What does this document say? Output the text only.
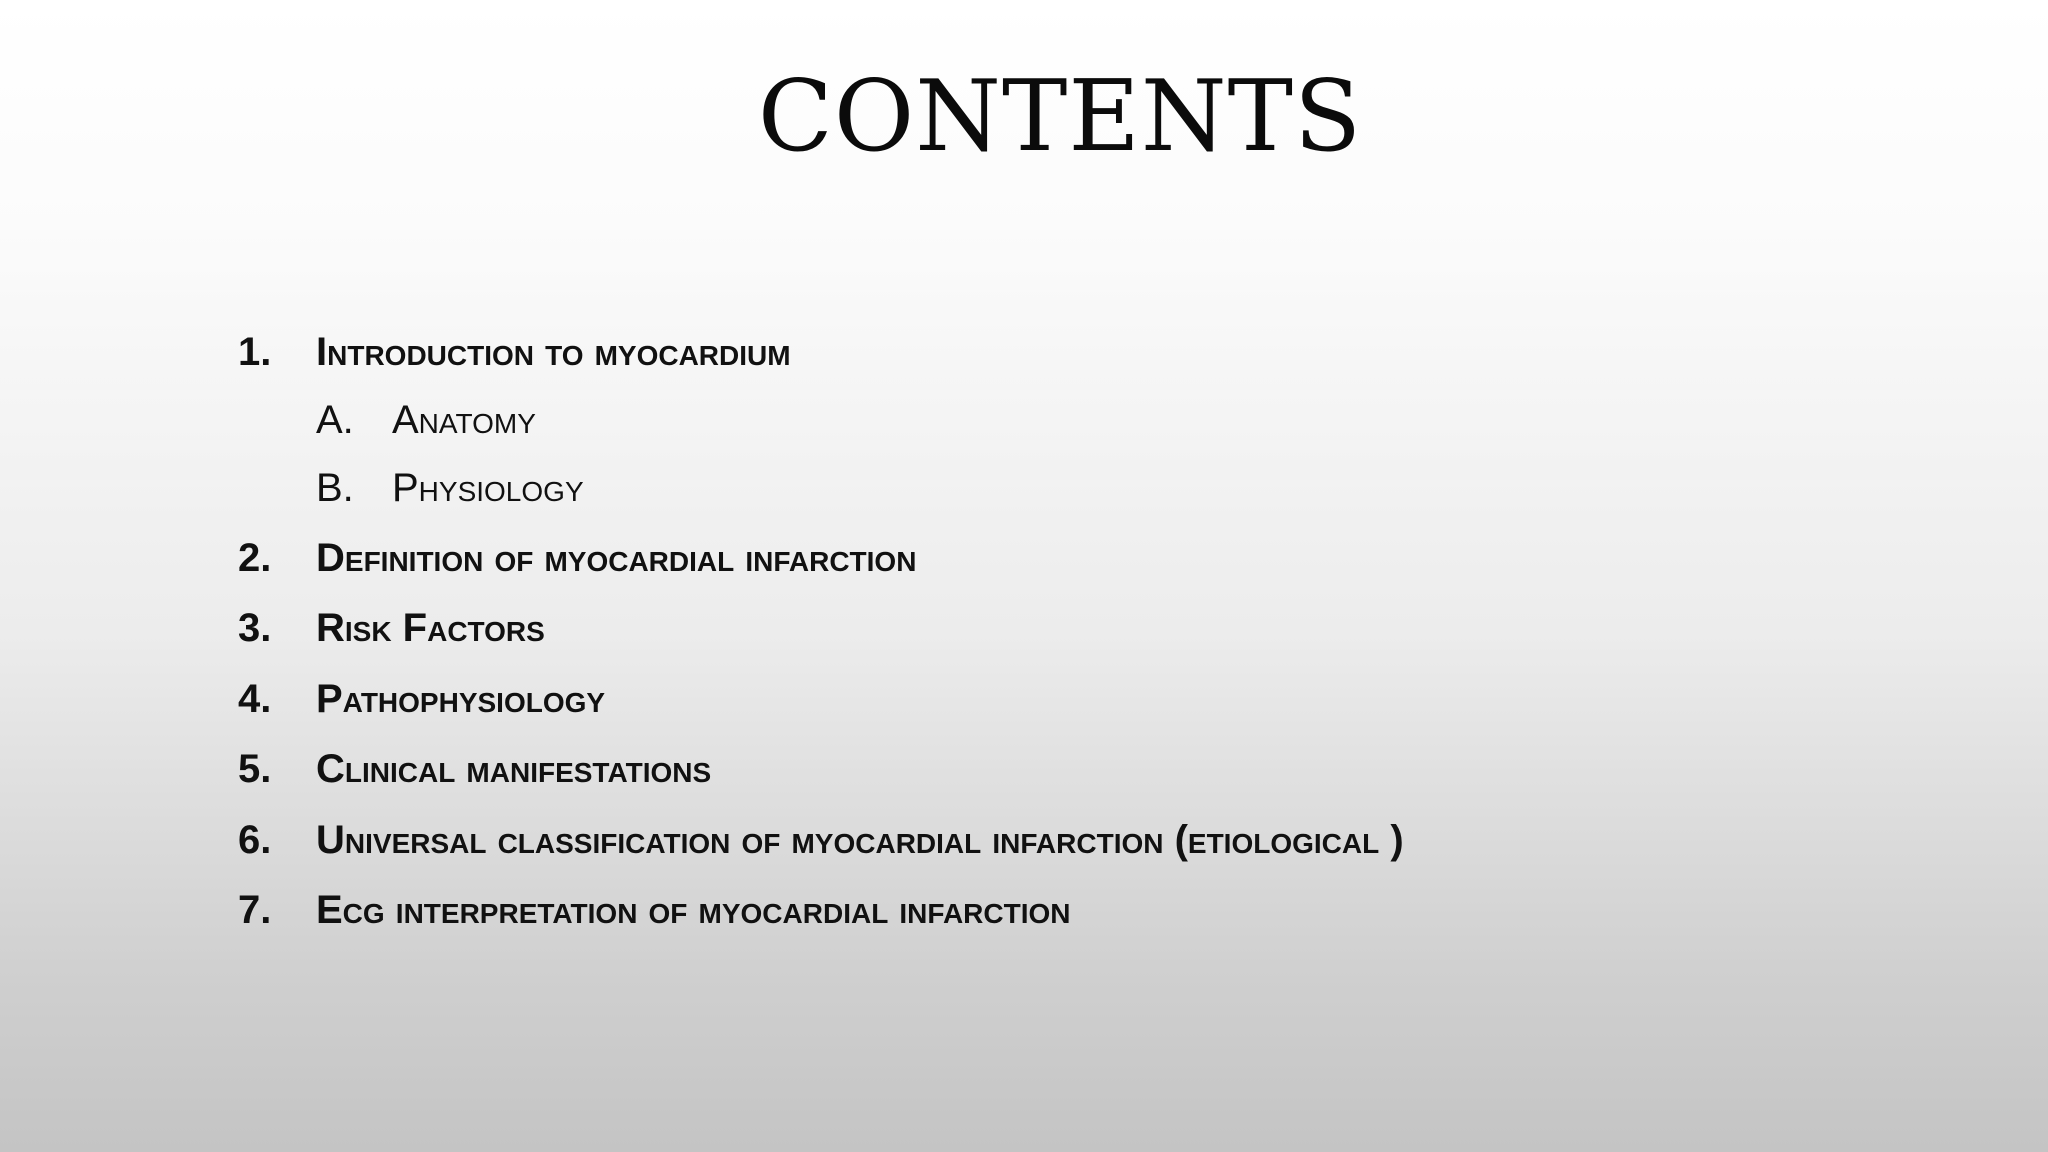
CONTENTS
1. Introduction to myocardium
A. Anatomy
B. Physiology
2. Definition of myocardial infarction
3. Risk Factors
4. Pathophysiology
5. Clinical manifestations
6. Universal classification of myocardial infarction (etiological )
7. Ecg interpretation of myocardial infarction
